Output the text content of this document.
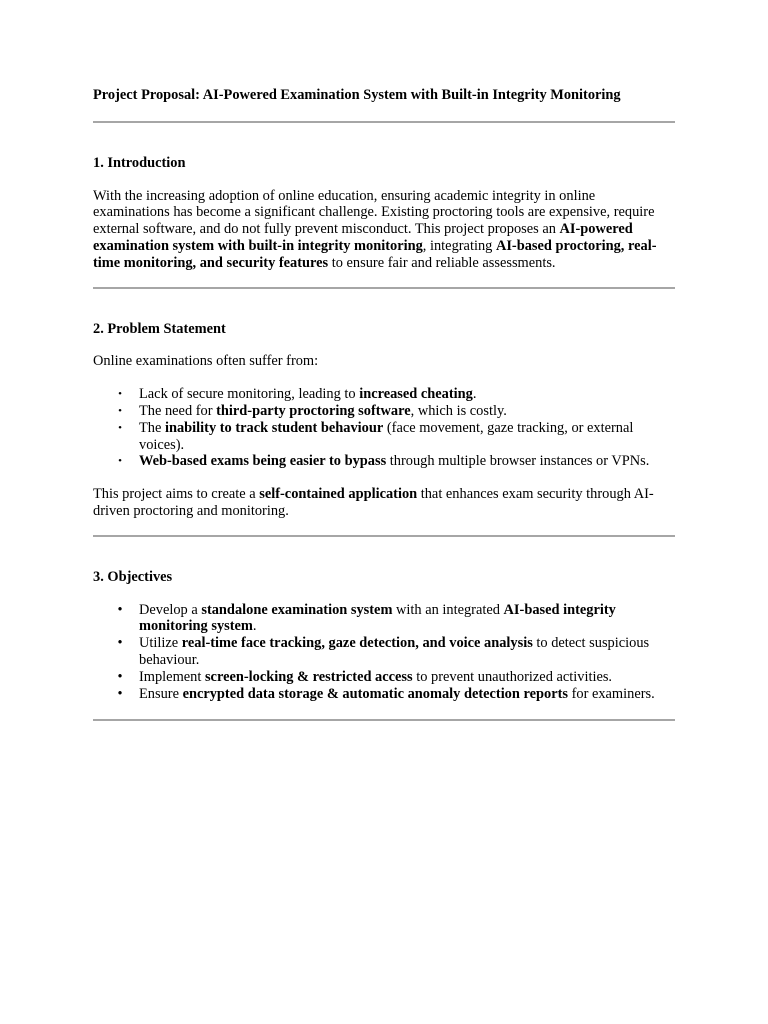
Project Proposal: AI-Powered Examination System with Built-in Integrity Monitoring

1. Introduction

With the increasing adoption of online education, ensuring academic integrity in online examinations has become a significant challenge. Existing proctoring tools are expensive, require external software, and do not fully prevent misconduct. This project proposes an AI-powered examination system with built-in integrity monitoring, integrating AI-based proctoring, real-time monitoring, and security features to ensure fair and reliable assessments.

2. Problem Statement

Online examinations often suffer from:

• Lack of secure monitoring, leading to increased cheating.
• The need for third-party proctoring software, which is costly.
• The inability to track student behaviour (face movement, gaze tracking, or external voices).
• Web-based exams being easier to bypass through multiple browser instances or VPNs.

This project aims to create a self-contained application that enhances exam security through AI-driven proctoring and monitoring.

3. Objectives

• Develop a standalone examination system with an integrated AI-based integrity monitoring system.
• Utilize real-time face tracking, gaze detection, and voice analysis to detect suspicious behaviour.
• Implement screen-locking & restricted access to prevent unauthorized activities.
• Ensure encrypted data storage & automatic anomaly detection reports for examiners.
